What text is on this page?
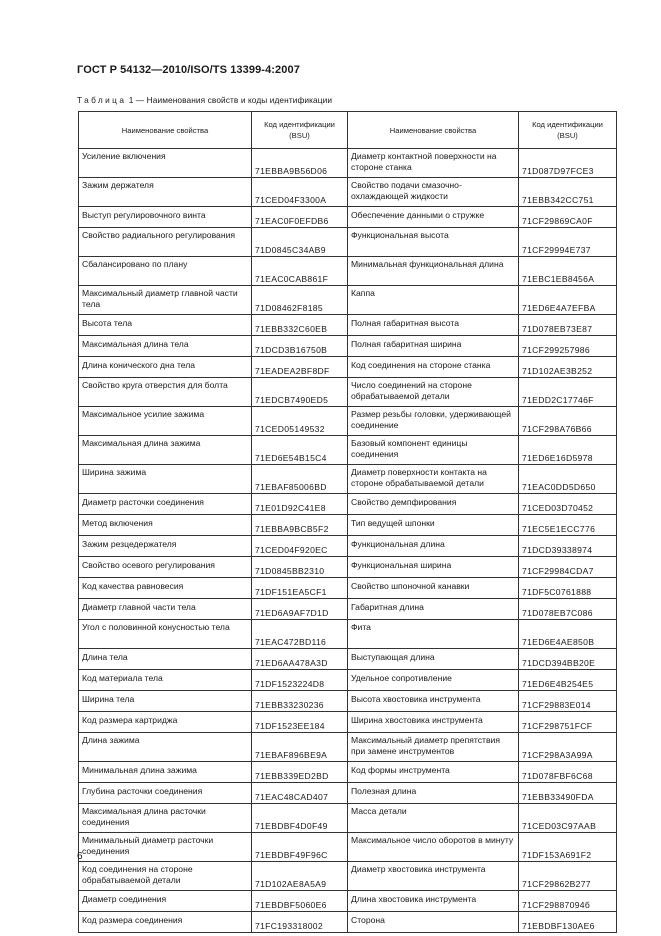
ГОСТ Р 54132—2010/ISO/TS 13399-4:2007
Таблица 1 — Наименования свойств и коды идентификации
Наименование свойства	Код идентификации (BSU)	Наименование свойства	Код идентификации (BSU)
Усиление включения	71EBBA9B56D06	Диаметр контактной поверхности на стороне станка	71D087D97FCE3
Зажим держателя	71CED04F3300A	Свойство подачи смазочно-охлаждающей жидкости	71EBB342CC751
Выступ регулировочного винта	71EAC0F0EFDB6	Обеспечение данными о стружке	71CF29869CA0F
Свойство радиального регулирования	71D0845C34AB9	Функциональная высота	71CF29994E737
Сбалансировано по плану	71EAC0CAB861F	Минимальная функциональная длина	71EBC1EB8456A
Максимальный диаметр главной части тела	71D08462F8185	Каппа	71ED6E4A7EFBA
Высота тела	71EBB332C60EB	Полная габаритная высота	71D078EB73E87
Максимальная длина тела	71DCD3B16750B	Полная габаритная ширина	71CF299257986
Длина конического дна тела	71EADEA2BF8DF	Код соединения на стороне станка	71D102AE3B252
Свойство круга отверстия для болта	71EDCB7490ED5	Число соединений на стороне обрабатываемой детали	71EDD2C17746F
Максимальное усилие зажима	71CED05149532	Размер резьбы головки, удерживающей соединение	71CF298A76B66
Максимальная длина зажима	71ED6E54B15C4	Базовый компонент единицы соединения	71ED6E16D5978
Ширина зажима	71EBAF85006BD	Диаметр поверхности контакта на стороне обрабатываемой детали	71EAC0DD5D650
Диаметр расточки соединения	71E01D92C41E8	Свойство демпфирования	71CED03D70452
Метод включения	71EBBA9BCB5F2	Тип ведущей шпонки	71EC5E1ECC776
Зажим резцедержателя	71CED04F920EC	Функциональная длина	71DCD39338974
Свойство осевого регулирования	71D0845BB2310	Функциональная ширина	71CF29984CDA7
Код качества равновесия	71DF151EA5CF1	Свойство шпоночной канавки	71DF5C0761888
Диаметр главной части тела	71ED6A9AF7D1D	Габаритная длина	71D078EB7C086
Угол с половинной конусностью тела	71EAC472BD116	Фита	71ED6E4AE850B
Длина тела	71ED6AA478A3D	Выступающая длина	71DCD394BB20E
Код материала тела	71DF1523224D8	Удельное сопротивление	71ED6E4B254E5
Ширина тела	71EBB33230236	Высота хвостовика инструмента	71CF29883E014
Код размера картриджа	71DF1523EE184	Ширина хвостовика инструмента	71CF298751FCF
Длина зажима	71EBAF896BE9A	Максимальный диаметр препятствия при замене инструментов	71CF298A3A99A
Минимальная длина зажима	71EBB339ED2BD	Код формы инструмента	71D078FBF6C68
Глубина расточки соединения	71EAC48CAD407	Полезная длина	71EBB33490FDA
Максимальная длина расточки соединения	71EBDBF4D0F49	Масса детали	71CED03C97AAB
Минимальный диаметр расточки соединения	71EBDBF49F96C	Максимальное число оборотов в минуту	71DF153A691F2
Код соединения на стороне обрабатываемой детали	71D102AE8A5A9	Диаметр хвостовика инструмента	71CF29862B277
Диаметр соединения	71EBDBF5060E6	Длина хвостовика инструмента	71CF29887094б
Код размера соединения	71FC193318002	Сторона	71EBDBF130AE6
6
